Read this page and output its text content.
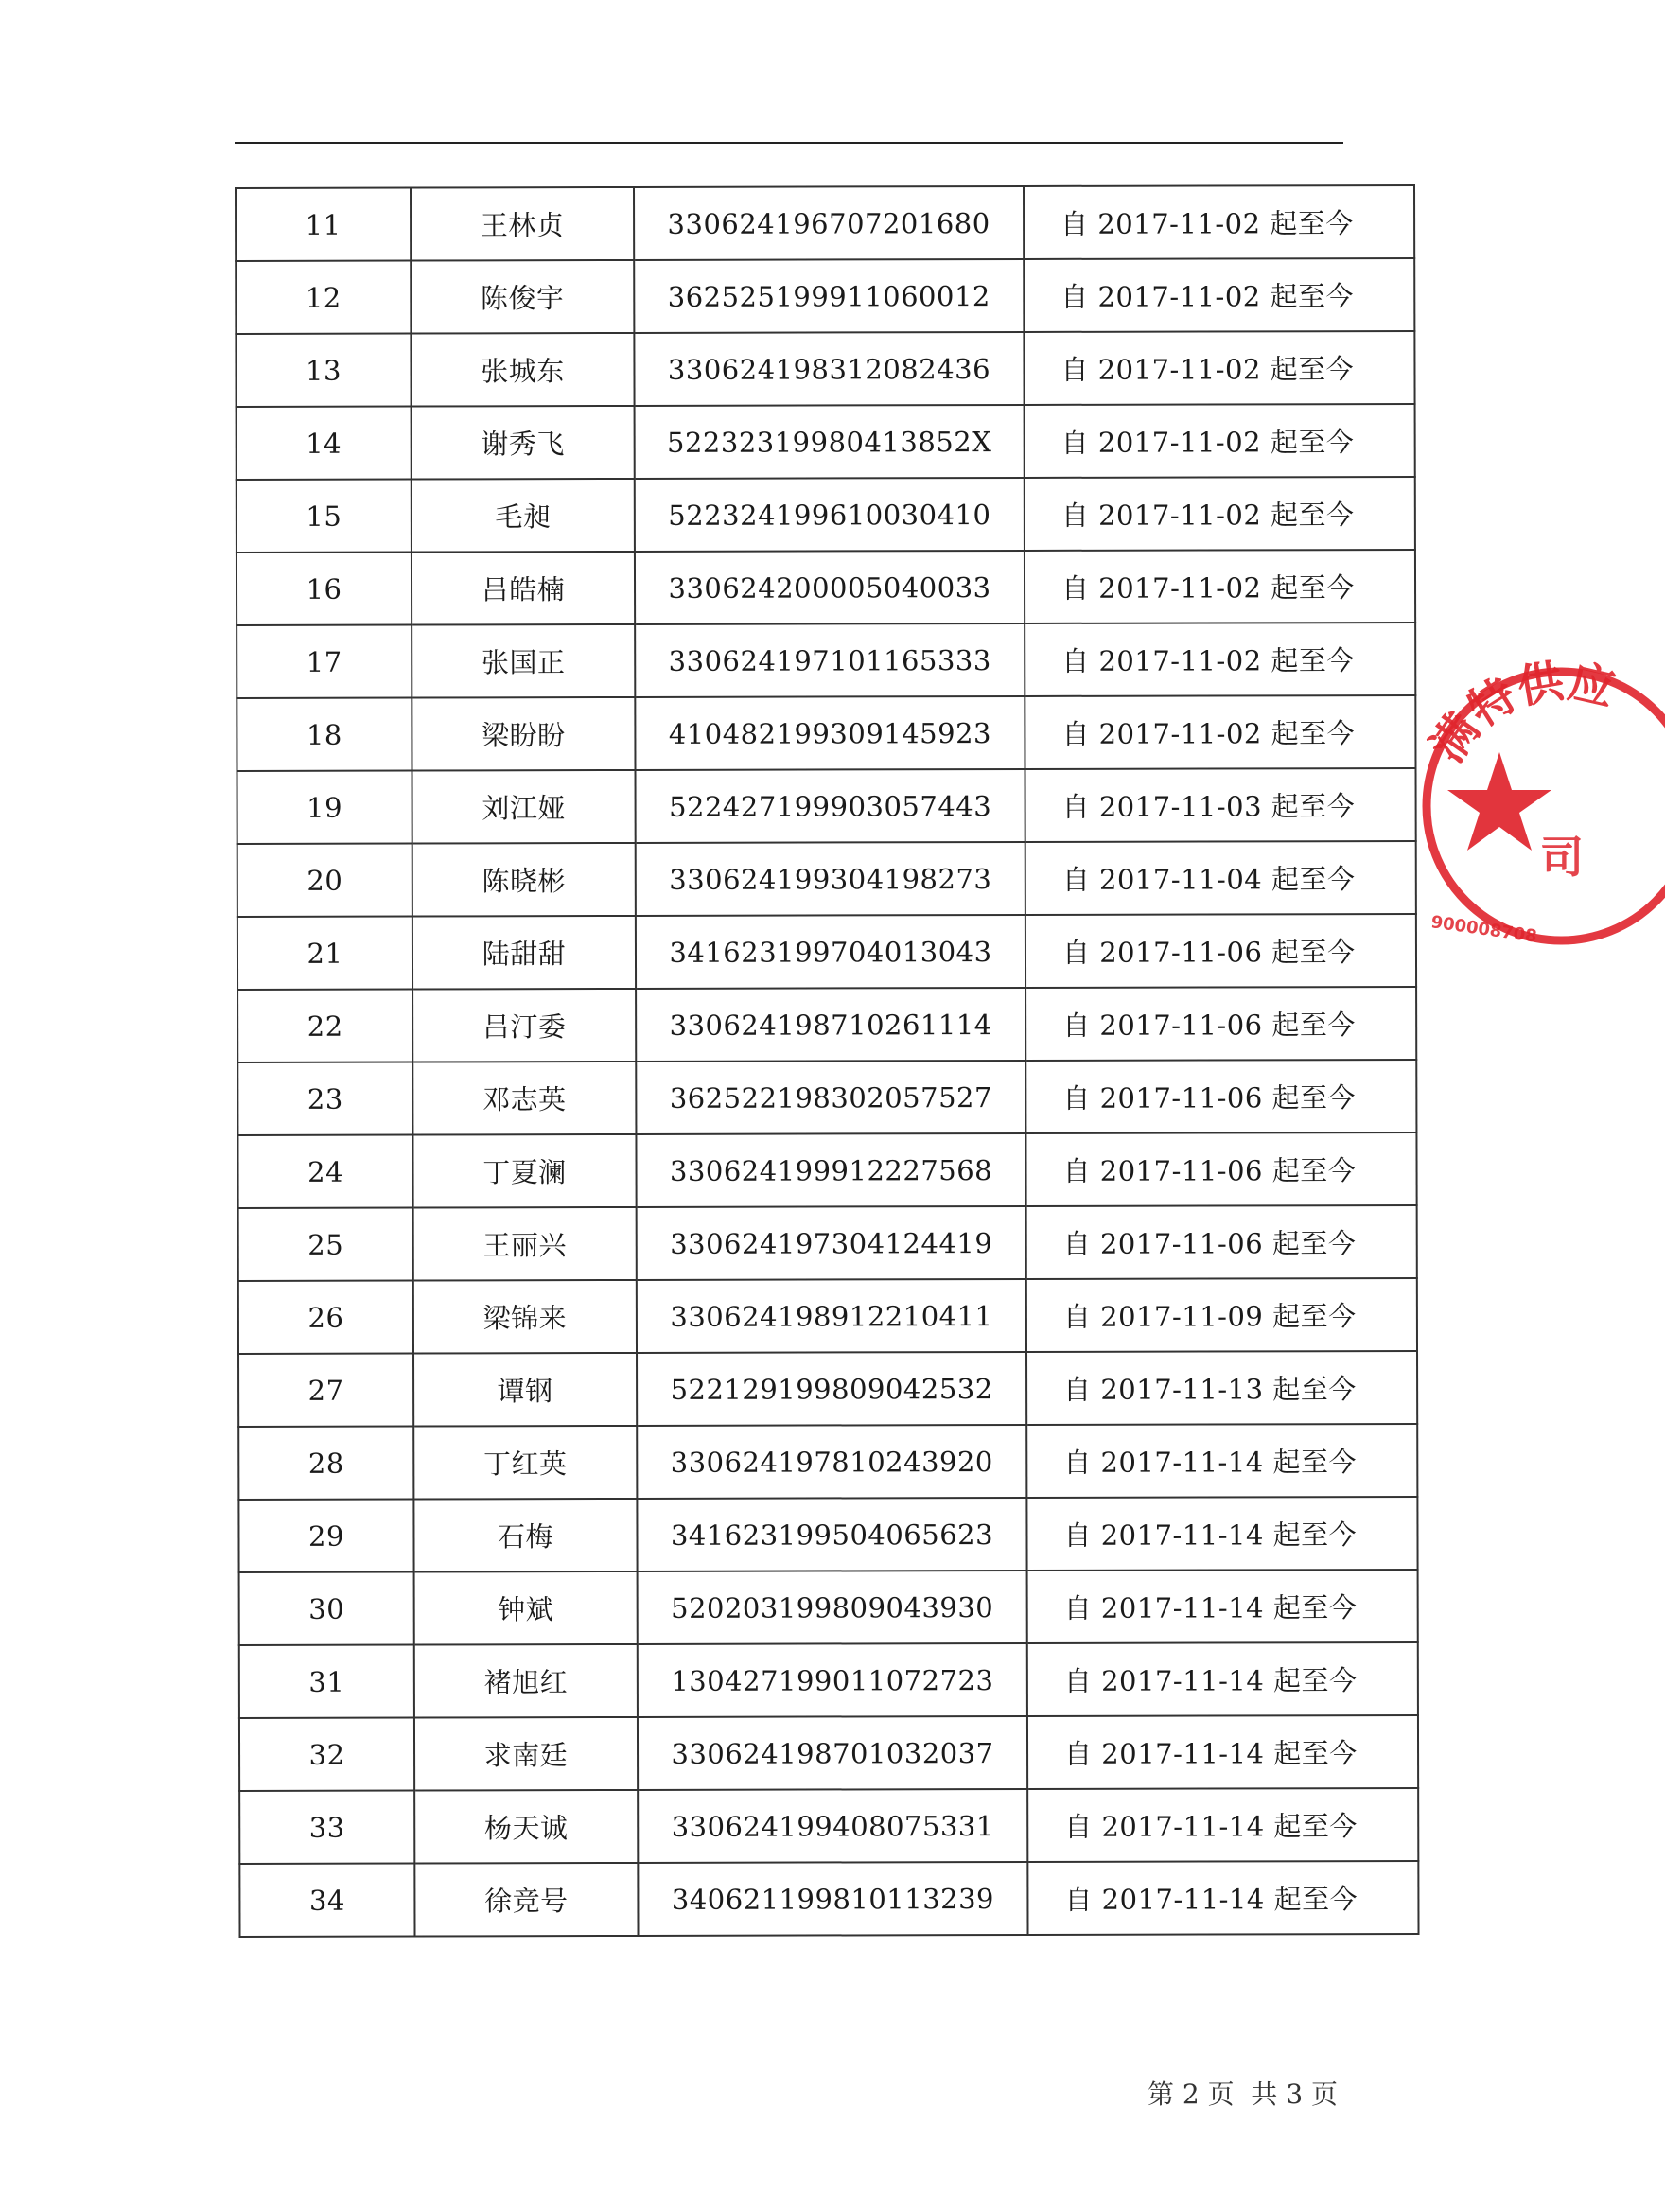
11	王林贞	330624196707201680	自 2017-11-02 起至今
12	陈俊宇	362525199911060012	自 2017-11-02 起至今
13	张城东	330624198312082436	自 2017-11-02 起至今
14	谢秀飞	52232319980413852X	自 2017-11-02 起至今
15	毛昶	522324199610030410	自 2017-11-02 起至今
16	吕皓楠	330624200005040033	自 2017-11-02 起至今
17	张国正	330624197101165333	自 2017-11-02 起至今
18	梁盼盼	410482199309145923	自 2017-11-02 起至今
19	刘江娅	522427199903057443	自 2017-11-03 起至今
20	陈晓彬	330624199304198273	自 2017-11-04 起至今
21	陆甜甜	341623199704013043	自 2017-11-06 起至今
22	吕汀委	330624198710261114	自 2017-11-06 起至今
23	邓志英	362522198302057527	自 2017-11-06 起至今
24	丁夏澜	330624199912227568	自 2017-11-06 起至今
25	王丽兴	330624197304124419	自 2017-11-06 起至今
26	梁锦来	330624198912210411	自 2017-11-09 起至今
27	谭钢	522129199809042532	自 2017-11-13 起至今
28	丁红英	330624197810243920	自 2017-11-14 起至今
29	石梅	341623199504065623	自 2017-11-14 起至今
30	钟斌	520203199809043930	自 2017-11-14 起至今
31	褚旭红	130427199011072723	自 2017-11-14 起至今
32	求南廷	330624198701032037	自 2017-11-14 起至今
33	杨天诚	330624199408075331	自 2017-11-14 起至今
34	徐竞号	340621199810113239	自 2017-11-14 起至今
满特供应
900008708
司
第 2 页  共 3 页
